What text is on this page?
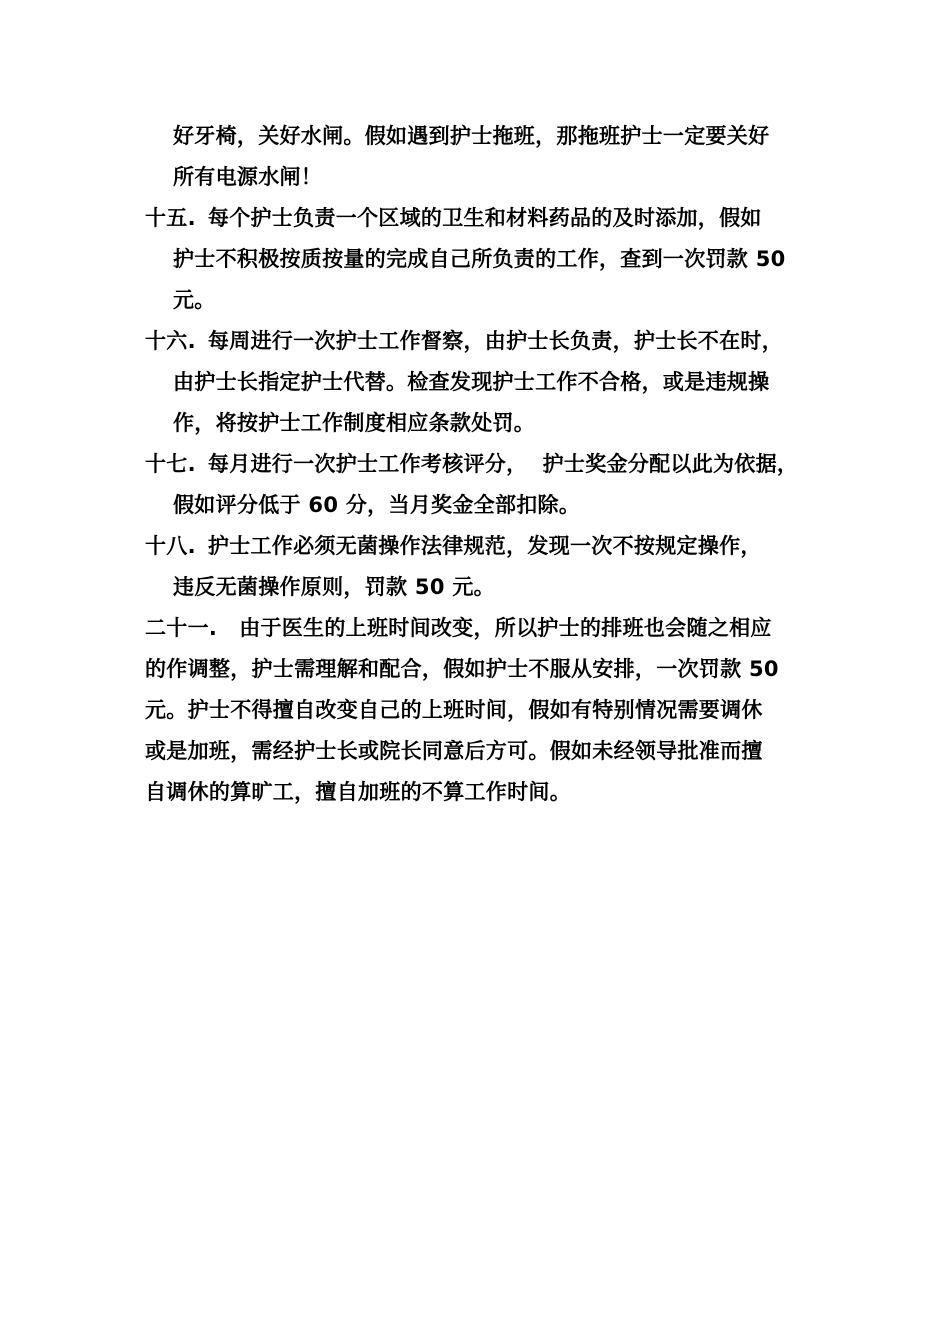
好牙椅，关好水闸。假如遇到护士拖班，那拖班护士一定要关好
所有电源水闸！
十五. 每个护士负责一个区域的卫生和材料药品的及时添加，假如
护士不积极按质按量的完成自己所负责的工作，查到一次罚款 50
元。
十六. 每周进行一次护士工作督察，由护士长负责，护士长不在时，
由护士长指定护士代替。检查发现护士工作不合格，或是违规操
作，将按护士工作制度相应条款处罚。
十七. 每月进行一次护士工作考核评分，  护士奖金分配以此为依据，
假如评分低于 60 分，当月奖金全部扣除。
十八. 护士工作必须无菌操作法律规范，发现一次不按规定操作，
违反无菌操作原则，罚款 50 元。
二十一. 由于医生的上班时间改变，所以护士的排班也会随之相应
的作调整，护士需理解和配合，假如护士不服从安排，一次罚款 50
元。护士不得擅自改变自己的上班时间，假如有特别情况需要调休
或是加班，需经护士长或院长同意后方可。假如未经领导批准而擅
自调休的算旷工，擅自加班的不算工作时间。
